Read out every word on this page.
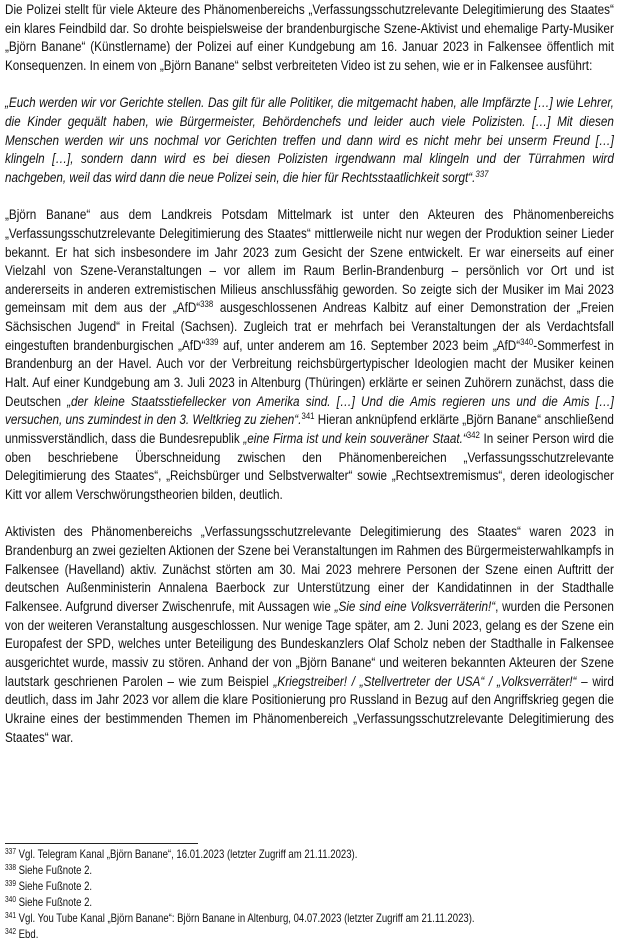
Die Polizei stellt für viele Akteure des Phänomenbereichs „Verfassungsschutzrelevante Delegitimierung des Staates“ ein klares Feindbild dar. So drohte beispielsweise der brandenburgische Szene-Aktivist und ehemalige Party-Musiker „Björn Banane“ (Künstlername) der Polizei auf einer Kundgebung am 16. Januar 2023 in Falkensee öffentlich mit Konsequenzen. In einem von „Björn Banane“ selbst verbreiteten Video ist zu sehen, wie er in Falkensee ausführt:

„Euch werden wir vor Gerichte stellen. Das gilt für alle Politiker, die mitgemacht haben, alle Impfärzte […] wie Lehrer, die Kinder gequält haben, wie Bürgermeister, Behördenchefs und leider auch viele Polizisten. […] Mit diesen Menschen werden wir uns nochmal vor Gerichten treffen und dann wird es nicht mehr bei unserm Freund […] klingeln […], sondern dann wird es bei diesen Polizisten irgendwann mal klingeln und der Türrahmen wird nachgeben, weil das wird dann die neue Polizei sein, die hier für Rechtsstaatlichkeit sorgt“.$^{337}$

„Björn Banane“ aus dem Landkreis Potsdam Mittelmark ist unter den Akteuren des Phänomenbereichs „Verfassungsschutzrelevante Delegitimierung des Staates“ mittlerweile nicht nur wegen der Produktion seiner Lieder bekannt. Er hat sich insbesondere im Jahr 2023 zum Gesicht der Szene entwickelt. Er war einerseits auf einer Vielzahl von Szene-Veranstaltungen – vor allem im Raum Berlin-Brandenburg – persönlich vor Ort und ist andererseits in anderen extremistischen Milieus anschlussfähig geworden. So zeigte sich der Musiker im Mai 2023 gemeinsam mit dem aus der „AfD“$^{338}$ ausgeschlossenen Andreas Kalbitz auf einer Demonstration der „Freien Sächsischen Jugend“ in Freital (Sachsen). Zugleich trat er mehrfach bei Veranstaltungen der als Verdachtsfall eingestuften brandenburgischen „AfD“$^{339}$ auf, unter anderem am 16. September 2023 beim „AfD“$^{340}$-Sommerfest in Brandenburg an der Havel. Auch vor der Verbreitung reichsbürgertypischer Ideologien macht der Musiker keinen Halt. Auf einer Kundgebung am 3. Juli 2023 in Altenburg (Thüringen) erklärte er seinen Zuhörern zunächst, dass die Deutschen „der kleine Staatsstiefellecker von Amerika sind. […] Und die Amis regieren uns und die Amis […] versuchen, uns zumindest in den 3. Weltkrieg zu ziehen“.$^{341}$ Hieran anknüpfend erklärte „Björn Banane“ anschließend unmissverständlich, dass die Bundesrepublik „eine Firma ist und kein souveräner Staat.“$^{342}$ In seiner Person wird die oben beschriebene Überschneidung zwischen den Phänomenbereichen „Verfassungsschutzrelevante Delegitimierung des Staates“, „Reichsbürger und Selbstverwalter“ sowie „Rechtsextremismus“, deren ideologischer Kitt vor allem Verschwörungstheorien bilden, deutlich.

Aktivisten des Phänomenbereichs „Verfassungsschutzrelevante Delegitimierung des Staates“ waren 2023 in Brandenburg an zwei gezielten Aktionen der Szene bei Veranstaltungen im Rahmen des Bürgermeisterwahlkampfs in Falkensee (Havelland) aktiv. Zunächst störten am 30. Mai 2023 mehrere Personen der Szene einen Auftritt der deutschen Außenministerin Annalena Baerbock zur Unterstützung einer der Kandidatinnen in der Stadthalle Falkensee. Aufgrund diverser Zwischenrufe, mit Aussagen wie „Sie sind eine Volksverräterin!“, wurden die Personen von der weiteren Veranstaltung ausgeschlossen. Nur wenige Tage später, am 2. Juni 2023, gelang es der Szene ein Europafest der SPD, welches unter Beteiligung des Bundeskanzlers Olaf Scholz neben der Stadthalle in Falkensee ausgerichtet wurde, massiv zu stören. Anhand der von „Björn Banane“ und weiteren bekannten Akteuren der Szene lautstark geschrienen Parolen – wie zum Beispiel „Kriegstreiber! / „Stellvertreter der USA“ / „Volksverräter!“ – wird deutlich, dass im Jahr 2023 vor allem die klare Positionierung pro Russland in Bezug auf den Angriffskrieg gegen die Ukraine eines der bestimmenden Themen im Phänomenbereich „Verfassungsschutzrelevante Delegitimierung des Staates“ war.

$^{337}$ Vgl. Telegram Kanal „Björn Banane“, 16.01.2023 (letzter Zugriff am 21.11.2023).
$^{338}$ Siehe Fußnote 2.
$^{339}$ Siehe Fußnote 2.
$^{340}$ Siehe Fußnote 2.
$^{341}$ Vgl. You Tube Kanal „Björn Banane“: Björn Banane in Altenburg, 04.07.2023 (letzter Zugriff am 21.11.2023).
$^{342}$ Ebd.
